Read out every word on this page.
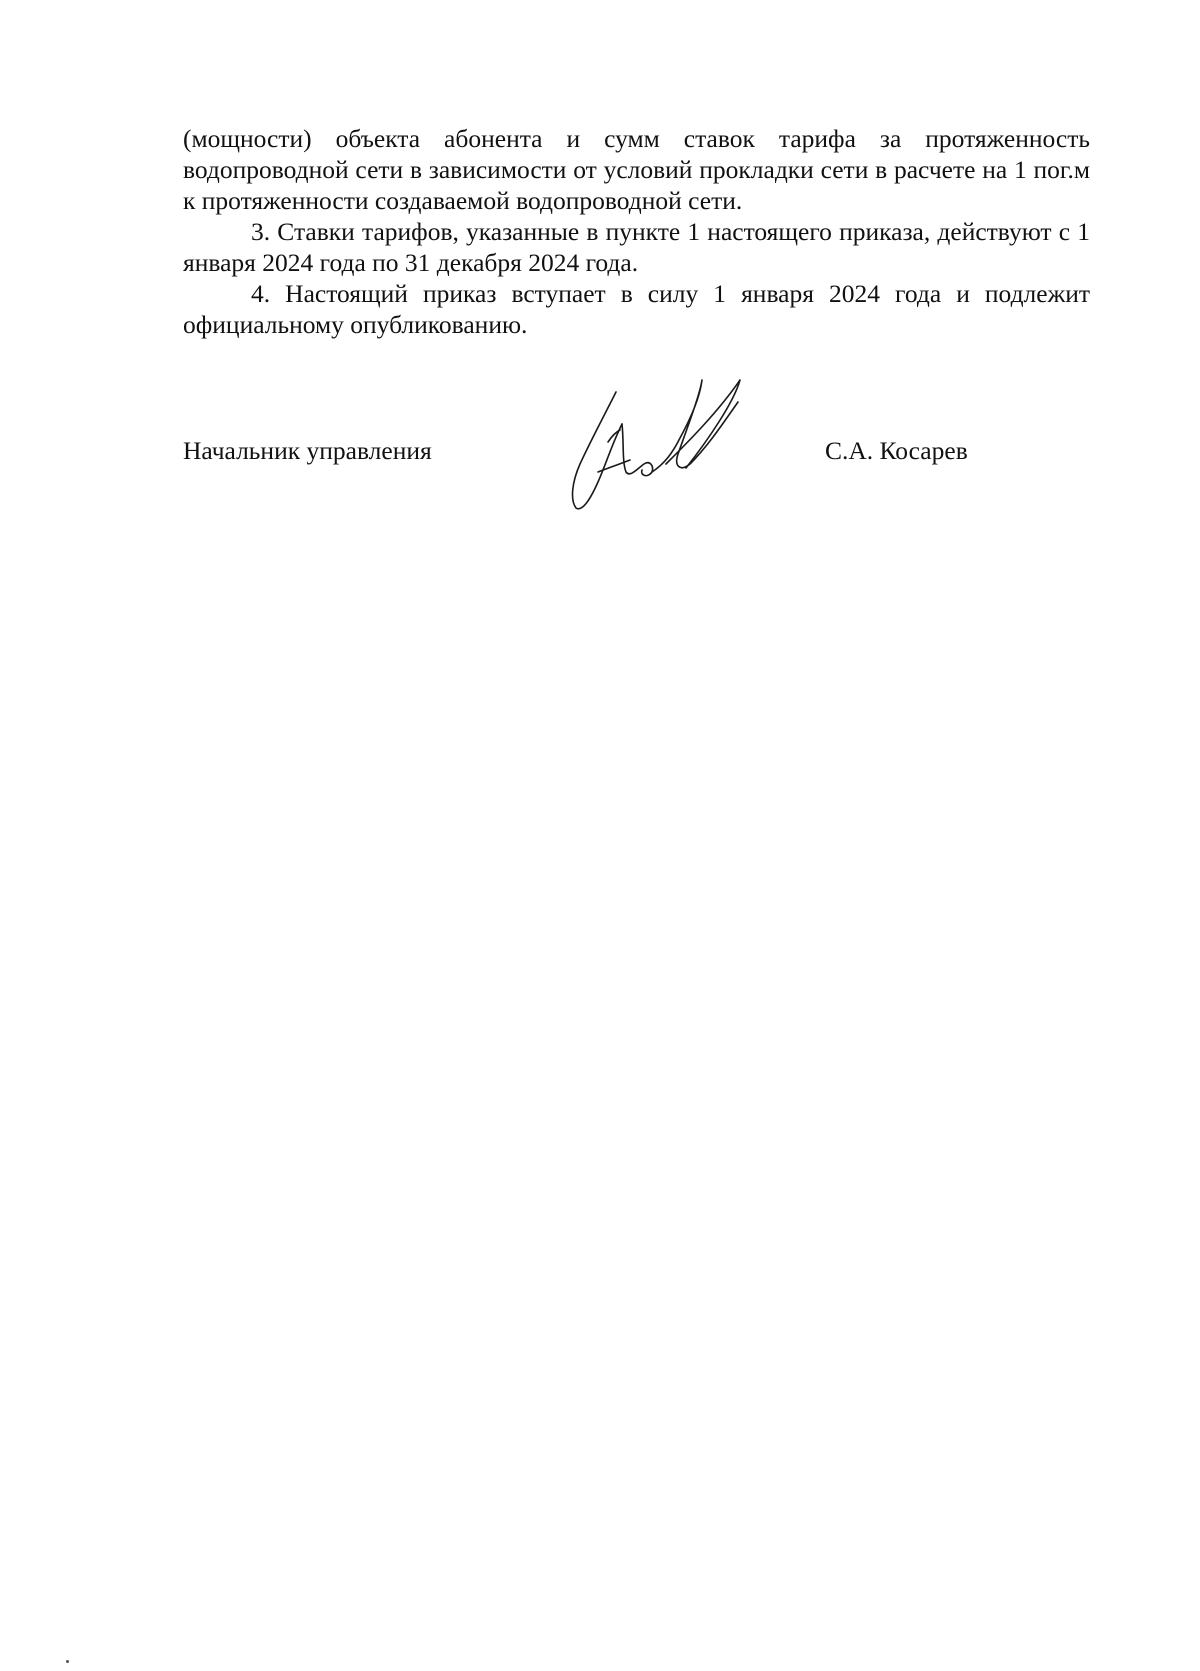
(мощности) объекта абонента и сумм ставок тарифа за протяженность водопроводной сети в зависимости от условий прокладки сети в расчете на 1 пог.м к протяженности создаваемой водопроводной сети.

3. Ставки тарифов, указанные в пункте 1 настоящего приказа, действуют с 1 января 2024 года по 31 декабря 2024 года.

4. Настоящий приказ вступает в силу 1 января 2024 года и подлежит официальному опубликованию.

Начальник управления	С.А. Косарев
